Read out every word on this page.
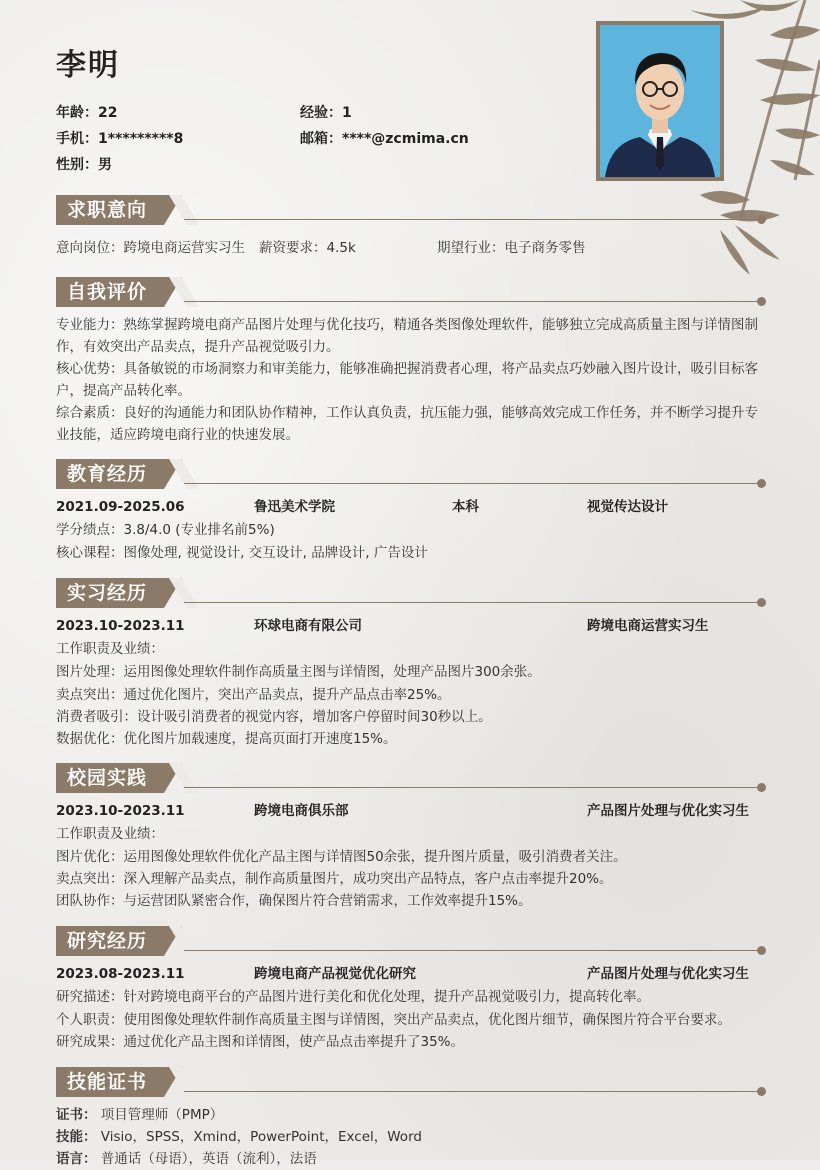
李明
年龄：22	经验：1
手机：1*********8	邮箱：****@zcmima.cn
性别：男
求职意向
意向岗位：跨境电商运营实习生 薪资要求：4.5k	期望行业：电子商务零售
自我评价
专业能力：熟练掌握跨境电商产品图片处理与优化技巧，精通各类图像处理软件，能够独立完成高质量主图与详情图制作，有效突出产品卖点，提升产品视觉吸引力。
核心优势：具备敏锐的市场洞察力和审美能力，能够准确把握消费者心理，将产品卖点巧妙融入图片设计，吸引目标客户，提高产品转化率。
综合素质：良好的沟通能力和团队协作精神，工作认真负责，抗压能力强，能够高效完成工作任务，并不断学习提升专业技能，适应跨境电商行业的快速发展。
教育经历
2021.09-2025.06	鲁迅美术学院	本科	视觉传达设计
学分绩点：3.8/4.0 (专业排名前5%)
核心课程：图像处理, 视觉设计, 交互设计, 品牌设计, 广告设计
实习经历
2023.10-2023.11	环球电商有限公司	跨境电商运营实习生
工作职责及业绩：
图片处理：运用图像处理软件制作高质量主图与详情图，处理产品图片300余张。
卖点突出：通过优化图片，突出产品卖点，提升产品点击率25%。
消费者吸引：设计吸引消费者的视觉内容，增加客户停留时间30秒以上。
数据优化：优化图片加载速度，提高页面打开速度15%。
校园实践
2023.10-2023.11	跨境电商俱乐部	产品图片处理与优化实习生
工作职责及业绩：
图片优化：运用图像处理软件优化产品主图与详情图50余张，提升图片质量，吸引消费者关注。
卖点突出：深入理解产品卖点，制作高质量图片，成功突出产品特点，客户点击率提升20%。
团队协作：与运营团队紧密合作，确保图片符合营销需求，工作效率提升15%。
研究经历
2023.08-2023.11	跨境电商产品视觉优化研究	产品图片处理与优化实习生
研究描述：针对跨境电商平台的产品图片进行美化和优化处理，提升产品视觉吸引力，提高转化率。
个人职责：使用图像处理软件制作高质量主图与详情图，突出产品卖点，优化图片细节，确保图片符合平台要求。
研究成果：通过优化产品主图和详情图，使产品点击率提升了35%。
技能证书
证书： 项目管理师（PMP）
技能： Visio，SPSS，Xmind，PowerPoint，Excel，Word
语言： 普通话（母语），英语（流利），法语
